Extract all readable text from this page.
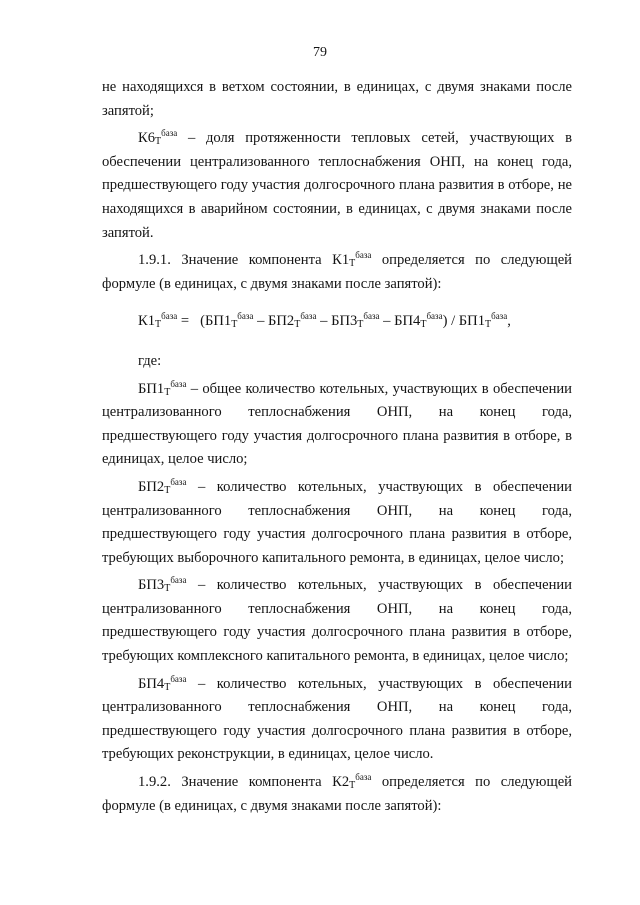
79

не находящихся в ветхом состоянии, в единицах, с двумя знаками после запятой;

$К6_Т^{база}$ – доля протяженности тепловых сетей, участвующих в обеспечении централизованного теплоснабжения ОНП, на конец года, предшествующего году участия долгосрочного плана развития в отборе, не находящихся в аварийном состоянии, в единицах, с двумя знаками после запятой.

1.9.1. Значение компонента $К1_Т^{база}$ определяется по следующей формуле (в единицах, с двумя знаками после запятой):

$К1_Т^{база} = (БП1_Т^{база} - БП2_Т^{база} - БП3_Т^{база} - БП4_Т^{база}) / БП1_Т^{база}$,

где:

$БП1_Т^{база}$ – общее количество котельных, участвующих в обеспечении централизованного теплоснабжения ОНП, на конец года, предшествующего году участия долгосрочного плана развития в отборе, в единицах, целое число;

$БП2_Т^{база}$ – количество котельных, участвующих в обеспечении централизованного теплоснабжения ОНП, на конец года, предшествующего году участия долгосрочного плана развития в отборе, требующих выборочного капитального ремонта, в единицах, целое число;

$БП3_Т^{база}$ – количество котельных, участвующих в обеспечении централизованного теплоснабжения ОНП, на конец года, предшествующего году участия долгосрочного плана развития в отборе, требующих комплексного капитального ремонта, в единицах, целое число;

$БП4_Т^{база}$ – количество котельных, участвующих в обеспечении централизованного теплоснабжения ОНП, на конец года, предшествующего году участия долгосрочного плана развития в отборе, требующих реконструкции, в единицах, целое число.

1.9.2. Значение компонента $К2_Т^{база}$ определяется по следующей формуле (в единицах, с двумя знаками после запятой):
